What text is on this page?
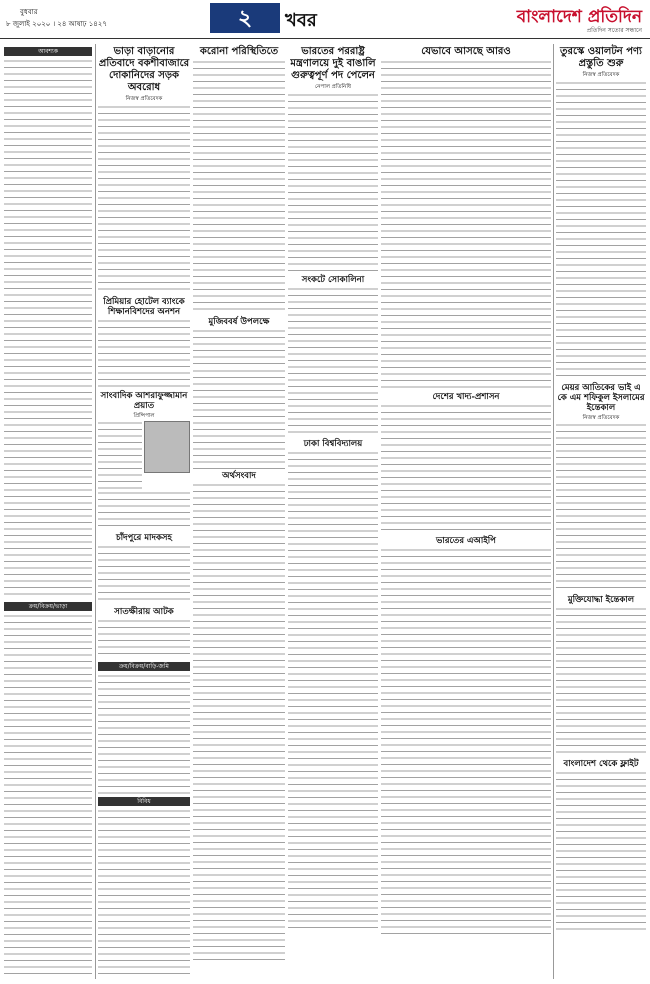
বুধবার
৮ জুলাই ২০২০ । ২৪ আষাঢ় ১৪২৭	২	খবর	বাংলাদেশ প্রতিদিন
প্রতিদিন সত্যের সন্ধানে
আবশ্যক
ক্রয়/বিক্রয়/ভাড়া
ভাড়া বাড়ানোর প্রতিবাদে বকশীবাজারে দোকানিদের সড়ক অবরোধ
নিজস্ব প্রতিবেদক
প্রিমিয়ার হোটেল ব্যাংকে শিক্ষানবিশদের অনশন
সাংবাদিক আশরাফুজ্জামান প্রয়াত
প্রিন্সিপাল
চাঁদপুরে মাদকসহ
সাতক্ষীরায় আটক
ক্রয়/বিক্রয়/বাড়ি-জমি
বিবিধ
করোনা পরিস্থিতিতে
মুজিববর্ষ উপলক্ষে
অর্থসংবাদ
ভারতের পররাষ্ট্র মন্ত্রণালয়ে দুই বাঙালি গুরুত্বপূর্ণ পদ পেলেন
নেপাল প্রতিনিধি
সংকটে সোকালিনা
ঢাকা বিশ্ববিদ্যালয়
যেভাবে আসছে আরও
দেশের খাদ্য-প্রশাসন
ভারতের এআইপি
তুরস্কে ওয়ালটন পণ্য প্রস্তুতি শুরু
নিজস্ব প্রতিবেদক
মেয়র আতিকের ভাই এ কে এম শফিকুল ইসলামের ইন্তেকাল
নিজস্ব প্রতিবেদক
মুক্তিযোদ্ধা ইন্তেকাল
বাংলাদেশ থেকে ফ্লাইট
